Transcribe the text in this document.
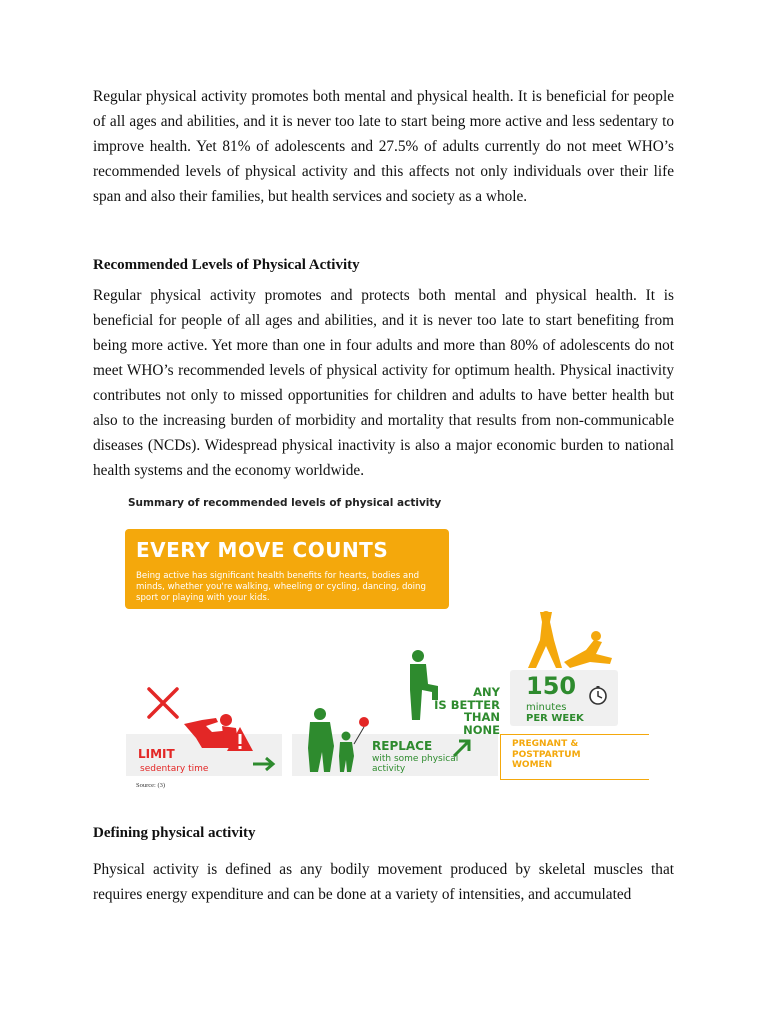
Regular physical activity promotes both mental and physical health. It is beneficial for people of all ages and abilities, and it is never too late to start being more active and less sedentary to improve health. Yet 81% of adolescents and 27.5% of adults currently do not meet WHO’s recommended levels of physical activity and this affects not only individuals over their life span and also their families, but health services and society as a whole.

Recommended Levels of Physical Activity

Regular physical activity promotes and protects both mental and physical health. It is beneficial for people of all ages and abilities, and it is never too late to start benefiting from being more active. Yet more than one in four adults and more than 80% of adolescents do not meet WHO’s recommended levels of physical activity for optimum health. Physical inactivity contributes not only to missed opportunities for children and adults to have better health but also to the increasing burden of morbidity and mortality that results from non-communicable diseases (NCDs). Widespread physical inactivity is also a major economic burden to national health systems and the economy worldwide.

Summary of recommended levels of physical activity
EVERY MOVE COUNTS
Being active has significant health benefits for hearts, bodies and minds, whether you're walking, wheeling or cycling, dancing, doing sport or playing with your kids.
LIMIT
sedentary time
REPLACE
with some physical activity
ANY
IS BETTER
THAN NONE
150
minutes
PER WEEK
PREGNANT &
POSTPARTUM
WOMEN
Source: (3)

Defining physical activity

Physical activity is defined as any bodily movement produced by skeletal muscles that requires energy expenditure and can be done at a variety of intensities, and accumulated
